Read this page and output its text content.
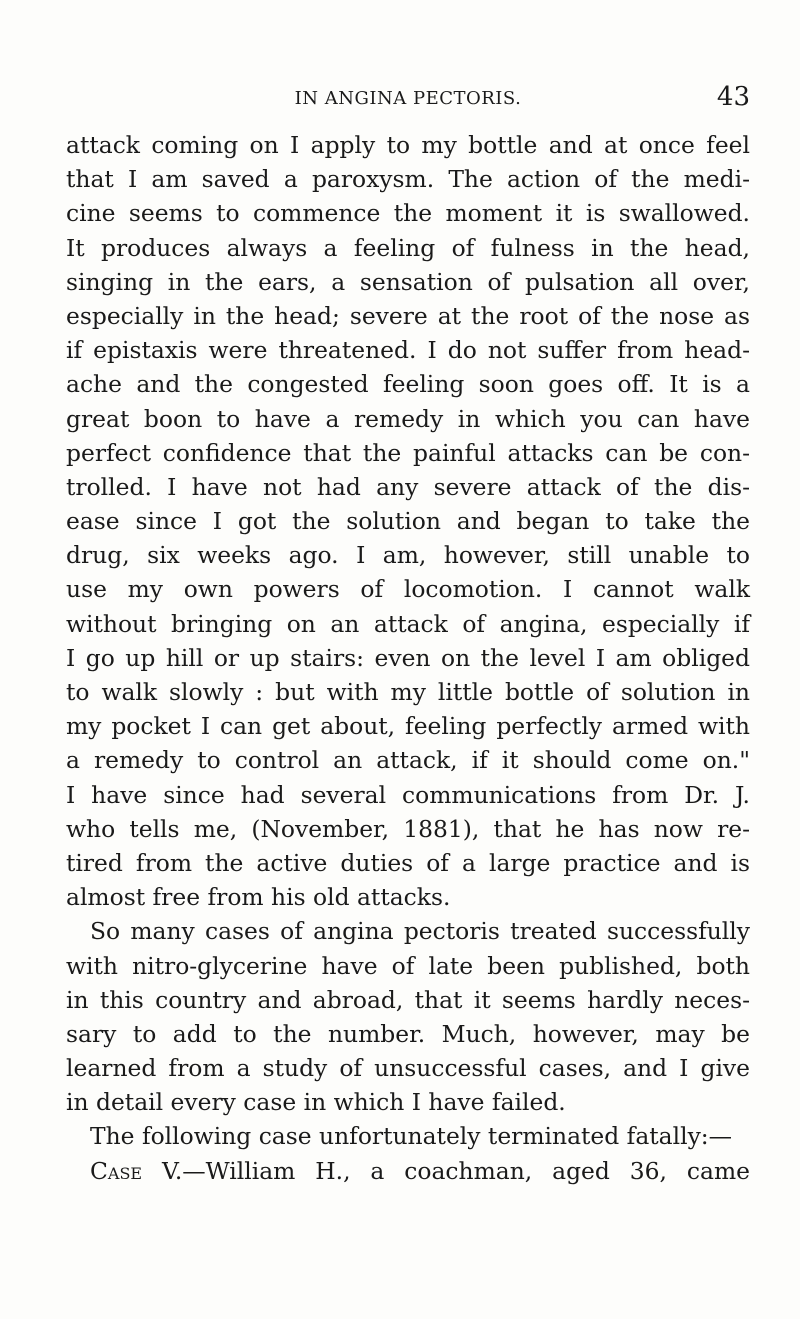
IN ANGINA PECTORIS.	43
attack coming on I apply to my bottle and at once feel
that I am saved a paroxysm. The action of the medi-
cine seems to commence the moment it is swallowed.
It produces always a feeling of fulness in the head,
singing in the ears, a sensation of pulsation all over,
especially in the head; severe at the root of the nose as
if epistaxis were threatened. I do not suffer from head-
ache and the congested feeling soon goes off. It is a
great boon to have a remedy in which you can have
perfect confidence that the painful attacks can be con-
trolled. I have not had any severe attack of the dis-
ease since I got the solution and began to take the
drug, six weeks ago. I am, however, still unable to
use my own powers of locomotion. I cannot walk
without bringing on an attack of angina, especially if
I go up hill or up stairs: even on the level I am obliged
to walk slowly : but with my little bottle of solution in
my pocket I can get about, feeling perfectly armed with
a remedy to control an attack, if it should come on."
I have since had several communications from Dr. J.
who tells me, (November, 1881), that he has now re-
tired from the active duties of a large practice and is
almost free from his old attacks.
So many cases of angina pectoris treated successfully
with nitro-glycerine have of late been published, both
in this country and abroad, that it seems hardly neces-
sary to add to the number. Much, however, may be
learned from a study of unsuccessful cases, and I give
in detail every case in which I have failed.
The following case unfortunately terminated fatally:—
Case V.—William H., a coachman, aged 36, came
